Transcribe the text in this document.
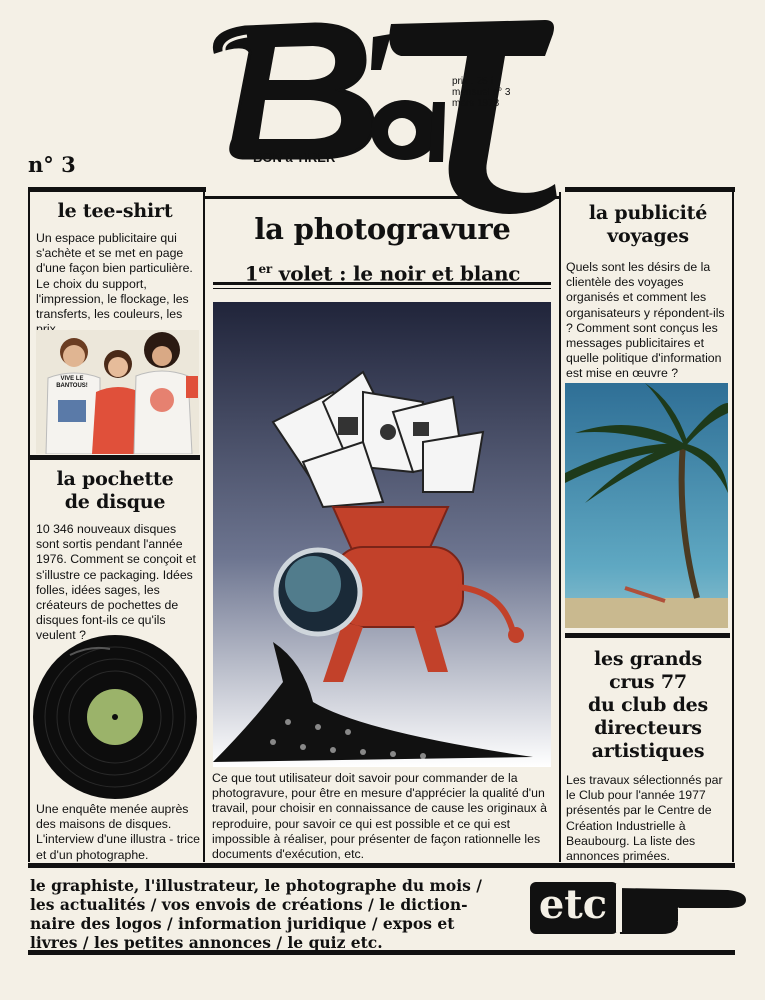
BON à TIRER
prix : 25 f
mensuel n° 3
mars 1978
n° 3
le tee-shirt
Un espace publicitaire qui s'achète et se met en page d'une façon bien particulière. Le choix du support, l'impression, le flockage, les transferts, les couleurs, les
VIVE LE BANTOUS!
la pochette
de disque
10 346 nouveaux disques sont sortis pendant l'année 1976. Comment se conçoit et s'illustre ce packaging. Idées folles, idées sages, les créateurs de pochettes de disques font-ils ce qu'ils veulent ?
Une enquête menée auprès des maisons de disques. L'interview d'une illustra - trice et d'un photographe.
la photogravure
1er volet : le noir et blanc
Ce que tout utilisateur doit savoir pour commander de la photogravure, pour être en mesure d'apprécier la qualité d'un travail, pour choisir en connaissance de cause les originaux à reproduire, pour savoir ce qui est possible et ce qui est impossible à réaliser, pour présenter de façon rationnelle les documents d'exécution, etc.
la publicité
voyages
Quels sont les désirs de la clientèle des voyages organisés et comment les organisateurs y répondent-ils ? Comment sont conçus les messages publicitaires et quelle politique d'information est mise en œuvre ?
les grands
crus 77
du club des
directeurs
artistiques
Les travaux sélectionnés par le Club pour l'année 1977 présentés par le Centre de Création Industrielle à Beaubourg. La liste des annonces primées.
le graphiste, l'illustrateur, le photographe du mois /
les actualités / vos envois de créations / le diction-
naire des logos / information juridique / expos et
livres / les petites annonces / le quiz etc.
etc
